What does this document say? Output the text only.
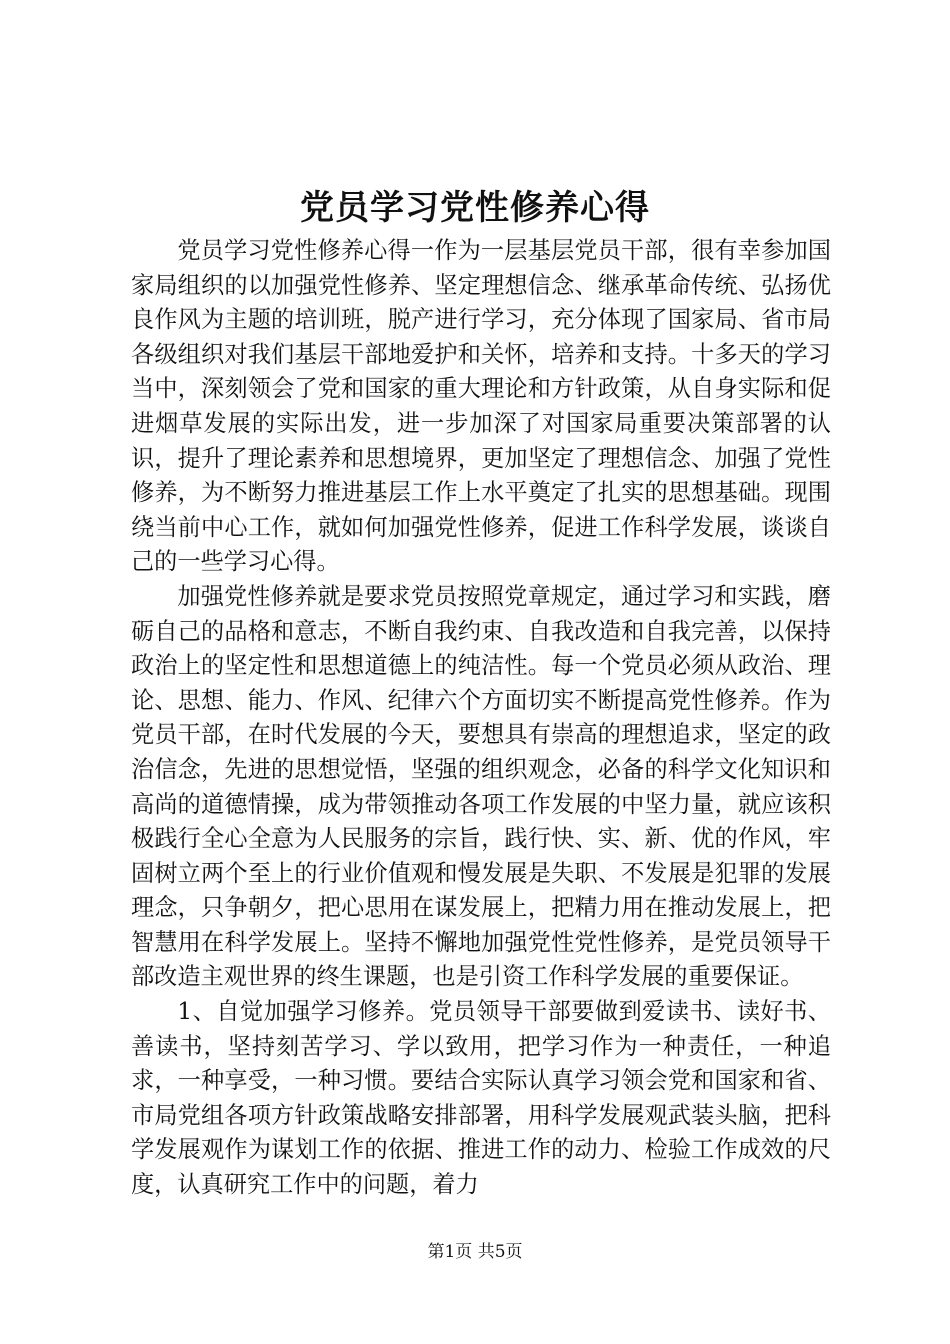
党员学习党性修养心得

党员学习党性修养心得一作为一层基层党员干部，很有幸参加国家局组织的以加强党性修养、坚定理想信念、继承革命传统、弘扬优良作风为主题的培训班，脱产进行学习，充分体现了国家局、省市局各级组织对我们基层干部地爱护和关怀，培养和支持。十多天的学习当中，深刻领会了党和国家的重大理论和方针政策，从自身实际和促进烟草发展的实际出发，进一步加深了对国家局重要决策部署的认识，提升了理论素养和思想境界，更加坚定了理想信念、加强了党性修养，为不断努力推进基层工作上水平奠定了扎实的思想基础。现围绕当前中心工作，就如何加强党性修养，促进工作科学发展，谈谈自己的一些学习心得。

加强党性修养就是要求党员按照党章规定，通过学习和实践，磨砺自己的品格和意志，不断自我约束、自我改造和自我完善，以保持政治上的坚定性和思想道德上的纯洁性。每一个党员必须从政治、理论、思想、能力、作风、纪律六个方面切实不断提高党性修养。作为党员干部，在时代发展的今天，要想具有崇高的理想追求，坚定的政治信念，先进的思想觉悟，坚强的组织观念，必备的科学文化知识和高尚的道德情操，成为带领推动各项工作发展的中坚力量，就应该积极践行全心全意为人民服务的宗旨，践行快、实、新、优的作风，牢固树立两个至上的行业价值观和慢发展是失职、不发展是犯罪的发展理念，只争朝夕，把心思用在谋发展上，把精力用在推动发展上，把智慧用在科学发展上。坚持不懈地加强党性党性修养，是党员领导干部改造主观世界的终生课题，也是引资工作科学发展的重要保证。

1、自觉加强学习修养。党员领导干部要做到爱读书、读好书、善读书，坚持刻苦学习、学以致用，把学习作为一种责任，一种追求，一种享受，一种习惯。要结合实际认真学习领会党和国家和省、市局党组各项方针政策战略安排部署，用科学发展观武装头脑，把科学发展观作为谋划工作的依据、推进工作的动力、检验工作成效的尺度，认真研究工作中的问题，着力

第1页 共5页
